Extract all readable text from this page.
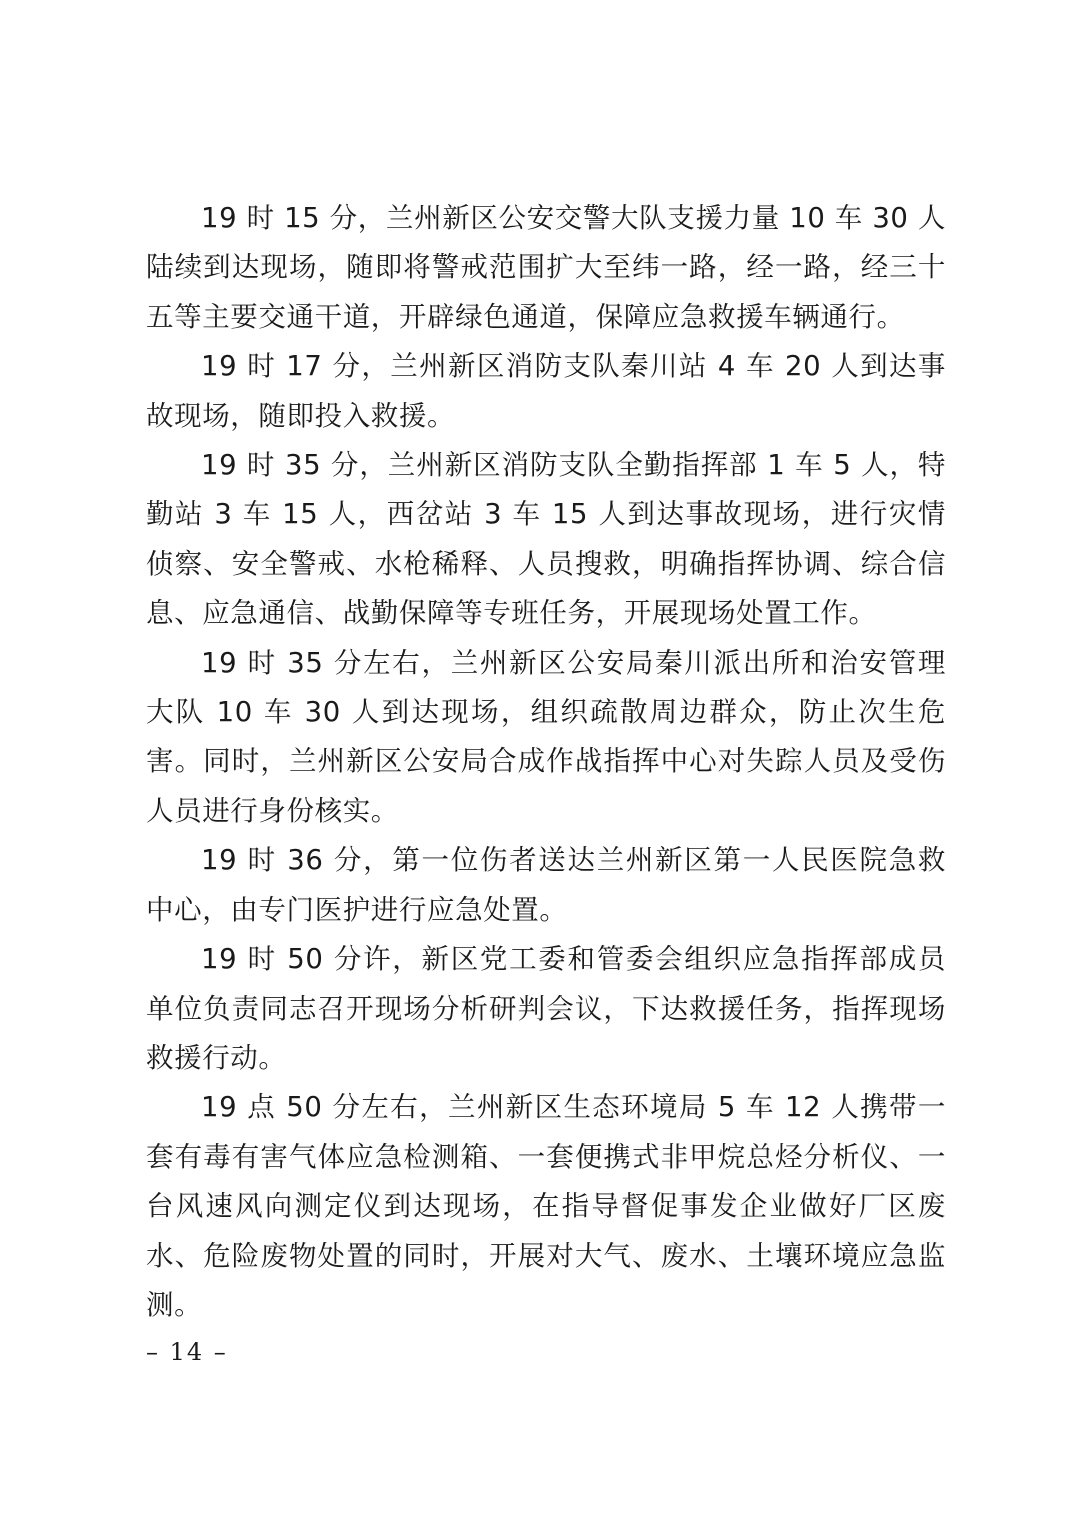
19 时 15 分，兰州新区公安交警大队支援力量 10 车 30 人陆续到达现场，随即将警戒范围扩大至纬一路，经一路，经三十五等主要交通干道，开辟绿色通道，保障应急救援车辆通行。

19 时 17 分，兰州新区消防支队秦川站 4 车 20 人到达事故现场，随即投入救援。

19 时 35 分，兰州新区消防支队全勤指挥部 1 车 5 人，特勤站 3 车 15 人，西岔站 3 车 15 人到达事故现场，进行灾情侦察、安全警戒、水枪稀释、人员搜救，明确指挥协调、综合信息、应急通信、战勤保障等专班任务，开展现场处置工作。

19 时 35 分左右，兰州新区公安局秦川派出所和治安管理大队 10 车 30 人到达现场，组织疏散周边群众，防止次生危害。同时，兰州新区公安局合成作战指挥中心对失踪人员及受伤人员进行身份核实。

19 时 36 分，第一位伤者送达兰州新区第一人民医院急救中心，由专门医护进行应急处置。

19 时 50 分许，新区党工委和管委会组织应急指挥部成员单位负责同志召开现场分析研判会议，下达救援任务，指挥现场救援行动。

19 点 50 分左右，兰州新区生态环境局 5 车 12 人携带一套有毒有害气体应急检测箱、一套便携式非甲烷总烃分析仪、一台风速风向测定仪到达现场，在指导督促事发企业做好厂区废水、危险废物处置的同时，开展对大气、废水、土壤环境应急监测。

– 14 –
